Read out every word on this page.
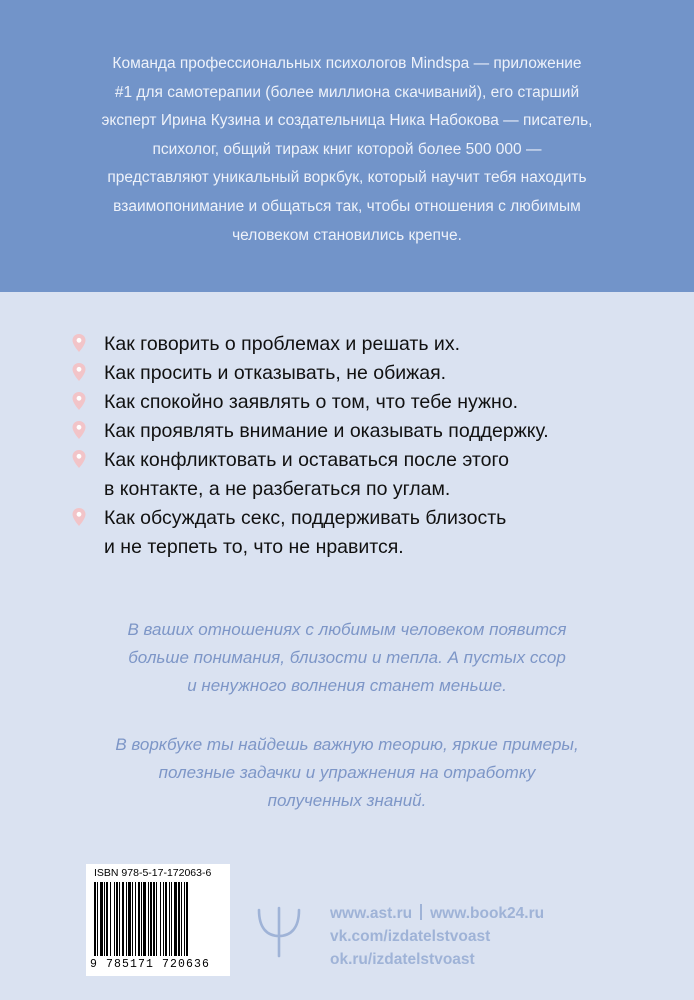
Команда профессиональных психологов Mindspa — приложение
#1 для самотерапии (более миллиона скачиваний), его старший
эксперт Ирина Кузина и создательница Ника Набокова — писатель,
психолог, общий тираж книг которой более 500 000 —
представляют уникальный воркбук, который научит тебя находить
взаимопонимание и общаться так, чтобы отношения с любимым
человеком становились крепче.

Как говорить о проблемах и решать их.
Как просить и отказывать, не обижая.
Как спокойно заявлять о том, что тебе нужно.
Как проявлять внимание и оказывать поддержку.
Как конфликтовать и оставаться после этого
в контакте, а не разбегаться по углам.
Как обсуждать секс, поддерживать близость
и не терпеть то, что не нравится.

В ваших отношениях с любимым человеком появится
больше понимания, близости и тепла. А пустых ссор
и ненужного волнения станет меньше.

В воркбуке ты найдешь важную теорию, яркие примеры,
полезные задачки и упражнения на отработку
полученных знаний.

ISBN 978-5-17-172063-6
9 785171 720636
www.ast.ru www.book24.ru
vk.com/izdatelstvoast
ok.ru/izdatelstvoast
